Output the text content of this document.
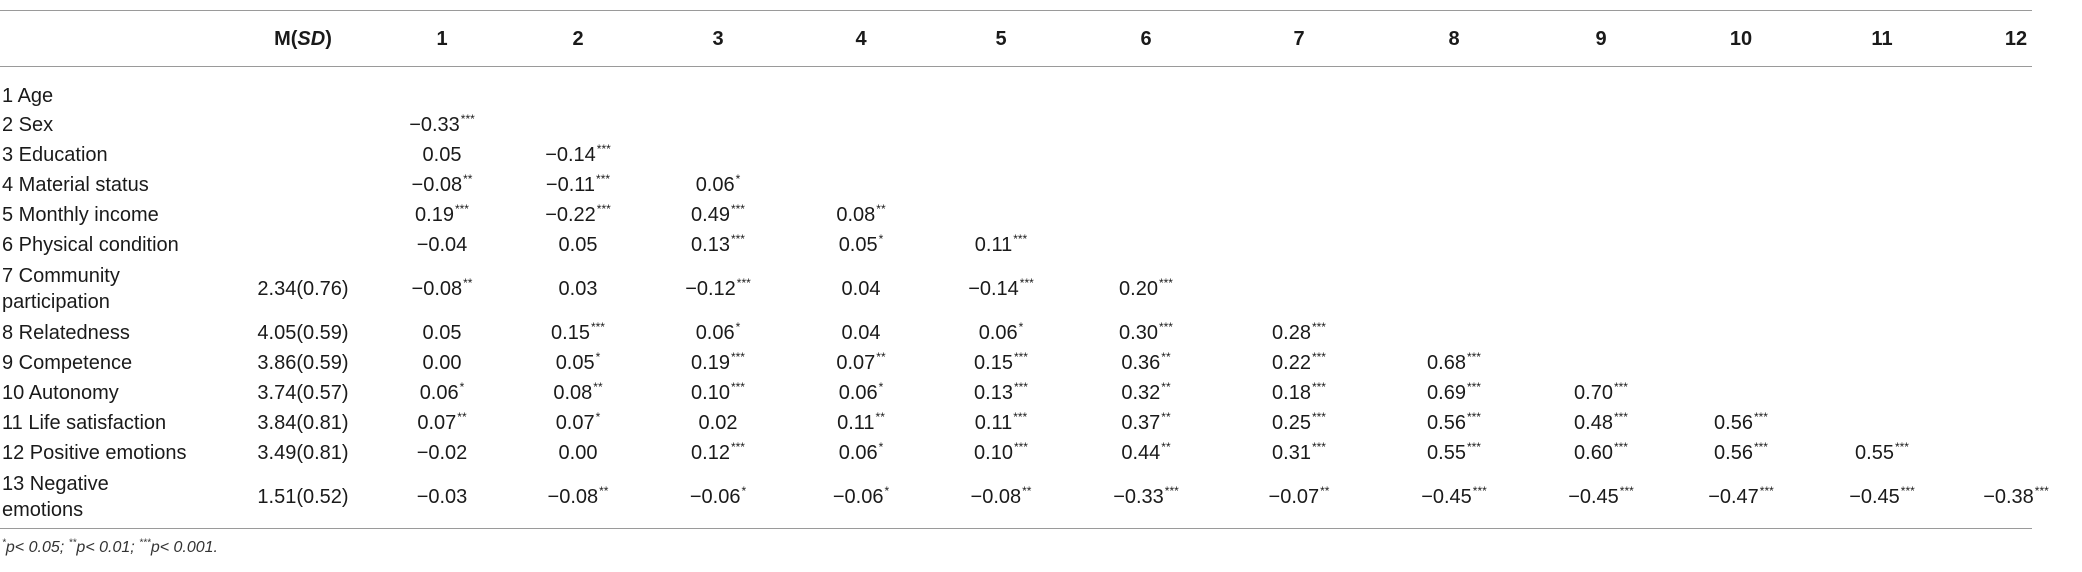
	M(SD)	1	2	3	4	5	6	7	8	9	10	11	12
1 Age													
2 Sex		−0.33***											
3 Education		0.05	−0.14***										
4 Material status		−0.08**	−0.11***	0.06*									
5 Monthly income		0.19***	−0.22***	0.49***	0.08**								
6 Physical condition		−0.04	0.05	0.13***	0.05*	0.11***							

7 Community
participation	2.34(0.76)	−0.08**	0.03	−0.12***	0.04	−0.14***	0.20***						
8 Relatedness	4.05(0.59)	0.05	0.15***	0.06*	0.04	0.06*	0.30***	0.28***					
9 Competence	3.86(0.59)	0.00	0.05*	0.19***	0.07**	0.15***	0.36**	0.22***	0.68***				
10 Autonomy	3.74(0.57)	0.06*	0.08**	0.10***	0.06*	0.13***	0.32**	0.18***	0.69***	0.70***			
11 Life satisfaction	3.84(0.81)	0.07**	0.07*	0.02	0.11**	0.11***	0.37**	0.25***	0.56***	0.48***	0.56***		
12 Positive emotions	3.49(0.81)	−0.02	0.00	0.12***	0.06*	0.10***	0.44**	0.31***	0.55***	0.60***	0.56***	0.55***	

13 Negative
emotions	1.51(0.52)	−0.03	−0.08**	−0.06*	−0.06*	−0.08**	−0.33***	−0.07**	−0.45***	−0.45***	−0.47***	−0.45***	−0.38***
*p< 0.05; **p< 0.01; ***p< 0.001.
